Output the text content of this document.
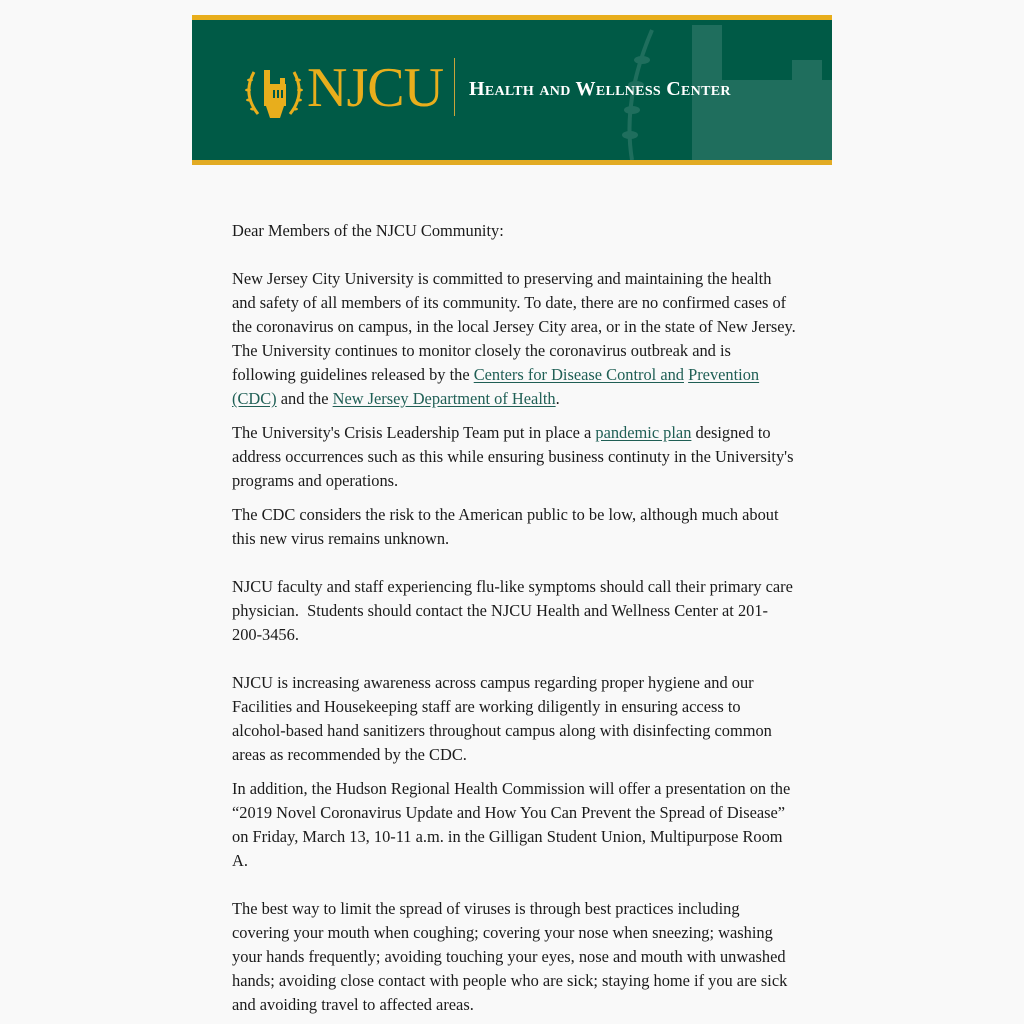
NJCU Health and Wellness Center

Dear Members of the NJCU Community:

New Jersey City University is committed to preserving and maintaining the health and safety of all members of its community. To date, there are no confirmed cases of the coronavirus on campus, in the local Jersey City area, or in the state of New Jersey. The University continues to monitor closely the coronavirus outbreak and is following guidelines released by the Centers for Disease Control and Prevention (CDC) and the New Jersey Department of Health.

The University's Crisis Leadership Team put in place a pandemic plan designed to address occurrences such as this while ensuring business continuty in the University's programs and operations.

The CDC considers the risk to the American public to be low, although much about this new virus remains unknown.

NJCU faculty and staff experiencing flu-like symptoms should call their primary care physician.  Students should contact the NJCU Health and Wellness Center at 201-200-3456.

NJCU is increasing awareness across campus regarding proper hygiene and our Facilities and Housekeeping staff are working diligently in ensuring access to alcohol-based hand sanitizers throughout campus along with disinfecting common areas as recommended by the CDC.

In addition, the Hudson Regional Health Commission will offer a presentation on the “2019 Novel Coronavirus Update and How You Can Prevent the Spread of Disease” on Friday, March 13, 10-11 a.m. in the Gilligan Student Union, Multipurpose Room A.

The best way to limit the spread of viruses is through best practices including covering your mouth when coughing; covering your nose when sneezing; washing your hands frequently; avoiding touching your eyes, nose and mouth with unwashed hands; avoiding close contact with people who are sick; staying home if you are sick and avoiding travel to affected areas.
